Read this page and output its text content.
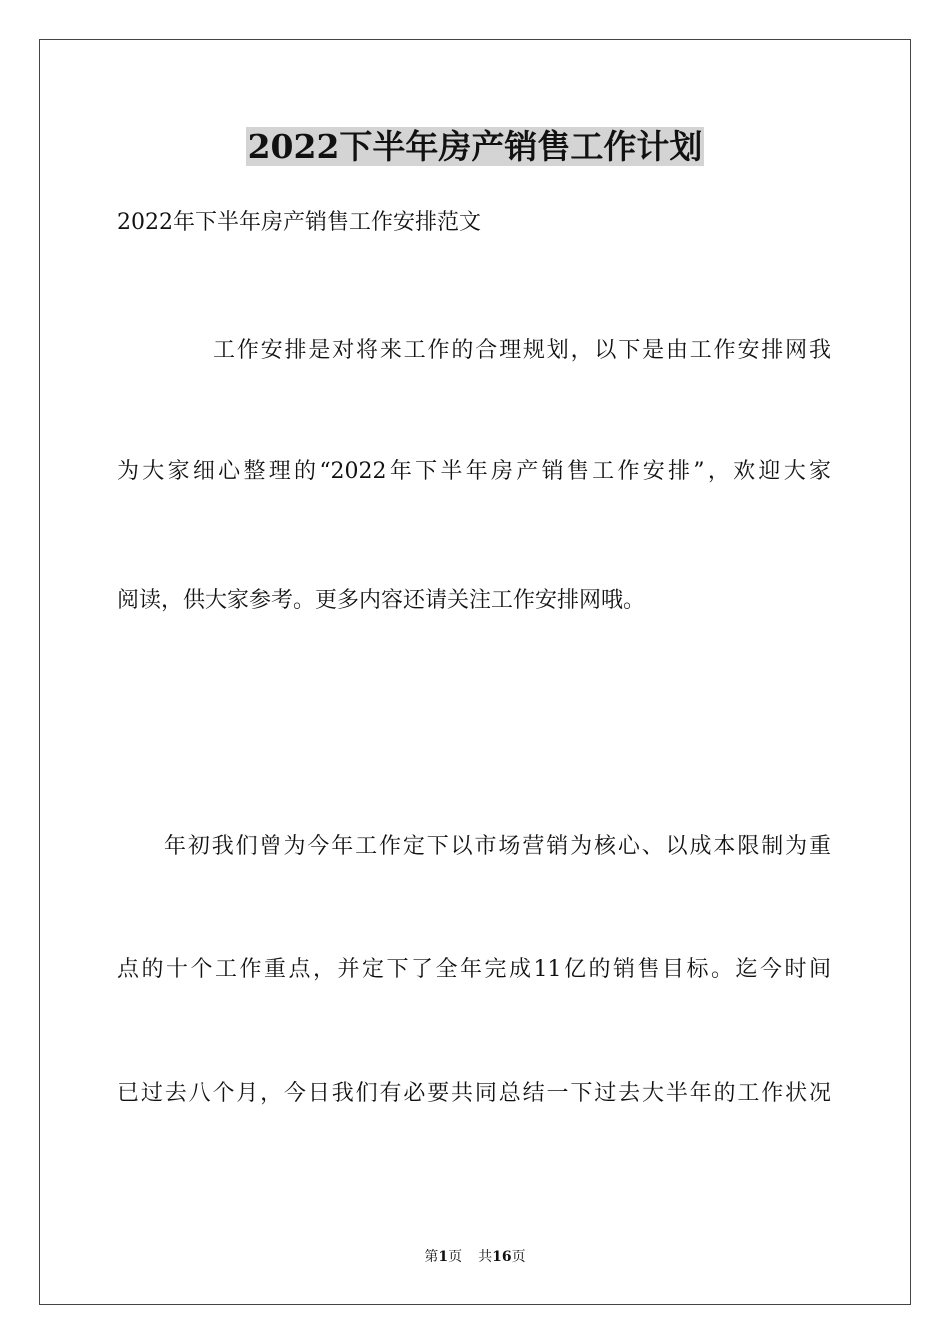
2022下半年房产销售工作计划
2022年下半年房产销售工作安排范文
工作安排是对将来工作的合理规划，以下是由工作安排网我
为大家细心整理的“2022年下半年房产销售工作安排”，欢迎大家
阅读，供大家参考。更多内容还请关注工作安排网哦。
年初我们曾为今年工作定下以市场营销为核心、以成本限制为重
点的十个工作重点，并定下了全年完成11亿的销售目标。迄今时间
已过去八个月，今日我们有必要共同总结一下过去大半年的工作状况
第1页 共16页
